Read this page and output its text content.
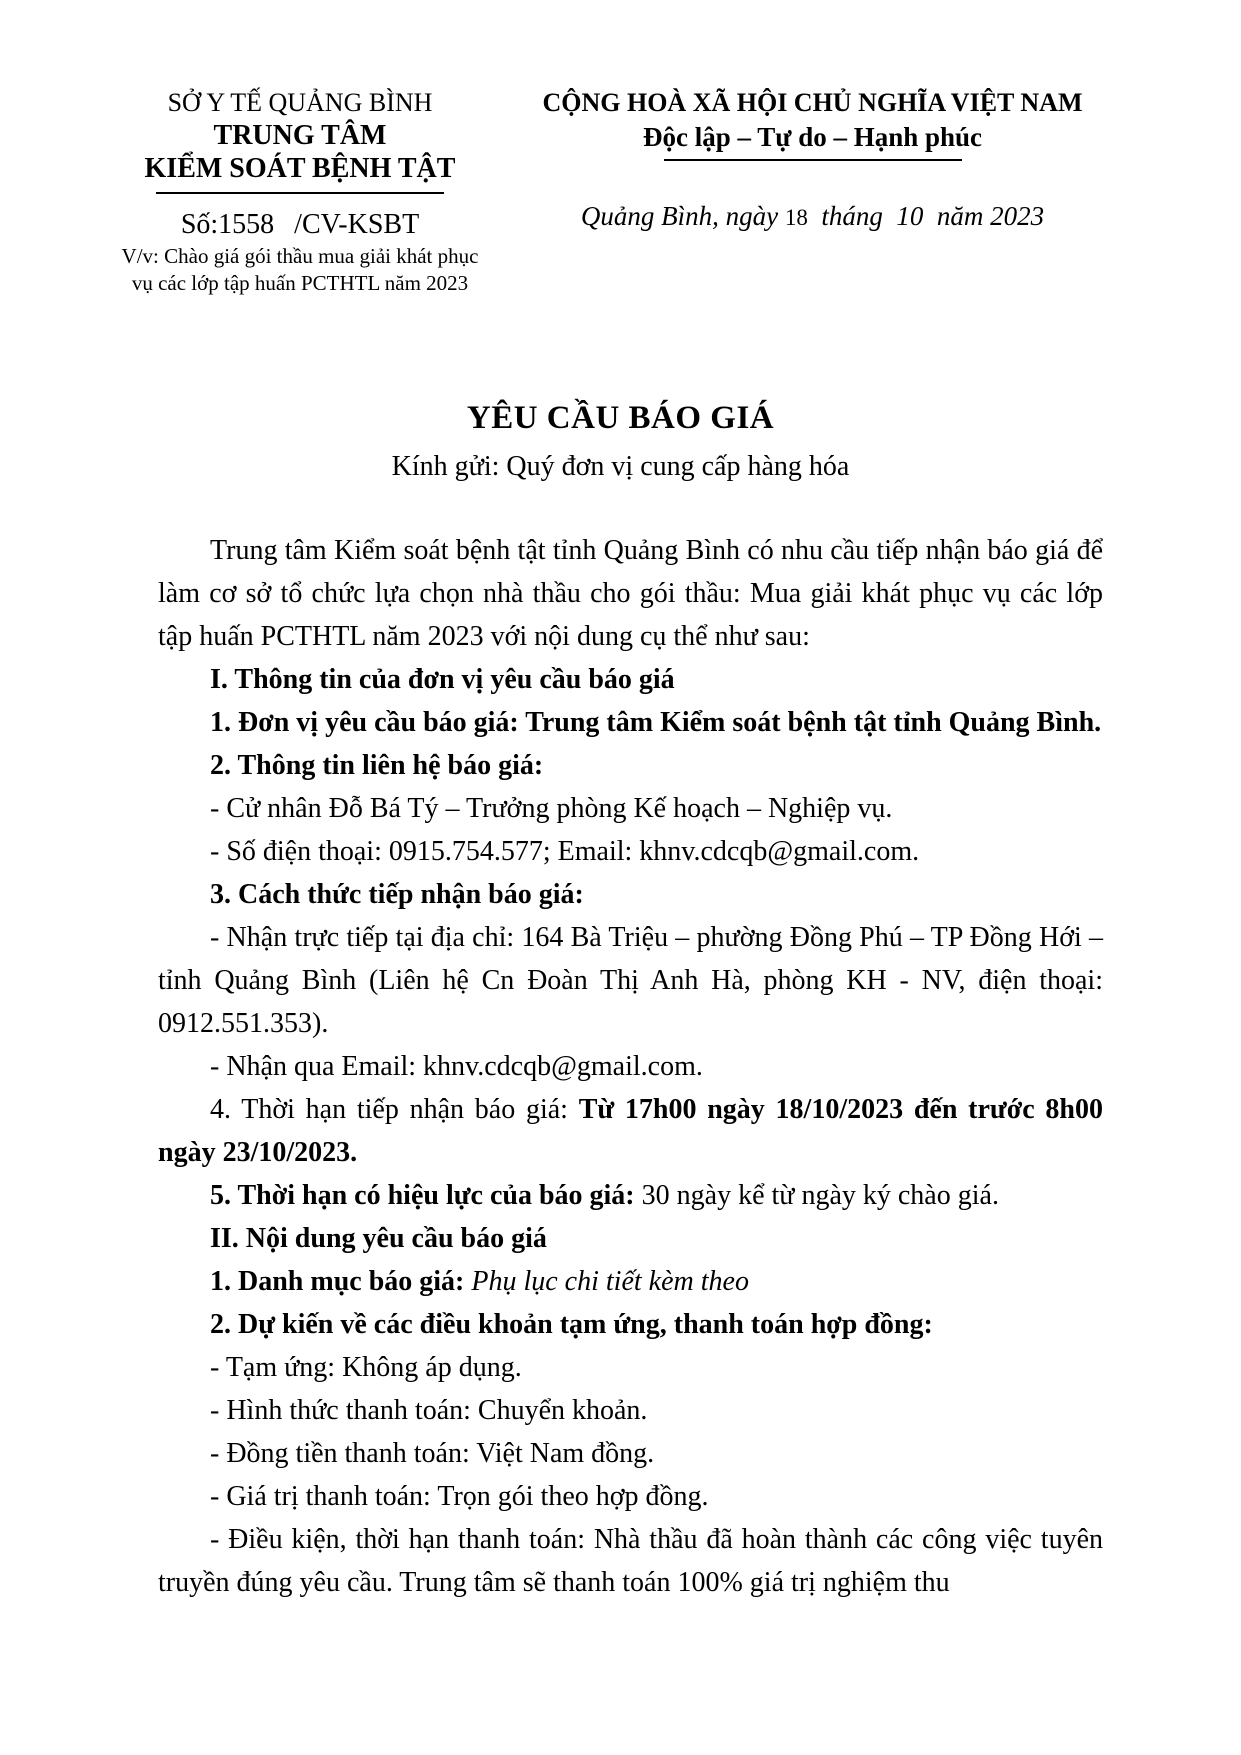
SỞ Y TẾ QUẢNG BÌNH
TRUNG TÂM
KIỂM SOÁT BỆNH TẬT
Số:1558 /CV-KSBT
V/v: Chào giá gói thầu mua giải khát phục
vụ các lớp tập huấn PCTHTL năm 2023
CỘNG HOÀ XÃ HỘI CHỦ NGHĨA VIỆT NAM
Độc lập – Tự do – Hạnh phúc
Quảng Bình, ngày 18  tháng  10  năm 2023
YÊU CẦU BÁO GIÁ
Kính gửi: Quý đơn vị cung cấp hàng hóa

Trung tâm Kiểm soát bệnh tật tỉnh Quảng Bình có nhu cầu tiếp nhận báo giá để làm cơ sở tổ chức lựa chọn nhà thầu cho gói thầu: Mua giải khát phục vụ các lớp tập huấn PCTHTL năm 2023 với nội dung cụ thể như sau:

I. Thông tin của đơn vị yêu cầu báo giá

1. Đơn vị yêu cầu báo giá: Trung tâm Kiểm soát bệnh tật tỉnh Quảng Bình.

2. Thông tin liên hệ báo giá:

- Cử nhân Đỗ Bá Tý – Trưởng phòng Kế hoạch – Nghiệp vụ.

- Số điện thoại: 0915.754.577; Email: khnv.cdcqb@gmail.com.

3. Cách thức tiếp nhận báo giá:

- Nhận trực tiếp tại địa chỉ: 164 Bà Triệu – phường Đồng Phú – TP Đồng Hới – tỉnh Quảng Bình (Liên hệ Cn Đoàn Thị Anh Hà, phòng KH - NV, điện thoại: 0912.551.353).

- Nhận qua Email: khnv.cdcqb@gmail.com.

4. Thời hạn tiếp nhận báo giá: Từ 17h00 ngày 18/10/2023 đến trước 8h00 ngày 23/10/2023.

5. Thời hạn có hiệu lực của báo giá: 30 ngày kể từ ngày ký chào giá.

II. Nội dung yêu cầu báo giá

1. Danh mục báo giá: Phụ lục chi tiết kèm theo

2. Dự kiến về các điều khoản tạm ứng, thanh toán hợp đồng:

- Tạm ứng: Không áp dụng.

- Hình thức thanh toán: Chuyển khoản.

- Đồng tiền thanh toán: Việt Nam đồng.

- Giá trị thanh toán: Trọn gói theo hợp đồng.

- Điều kiện, thời hạn thanh toán: Nhà thầu đã hoàn thành các công việc tuyên truyền đúng yêu cầu. Trung tâm sẽ thanh toán 100% giá trị nghiệm thu
